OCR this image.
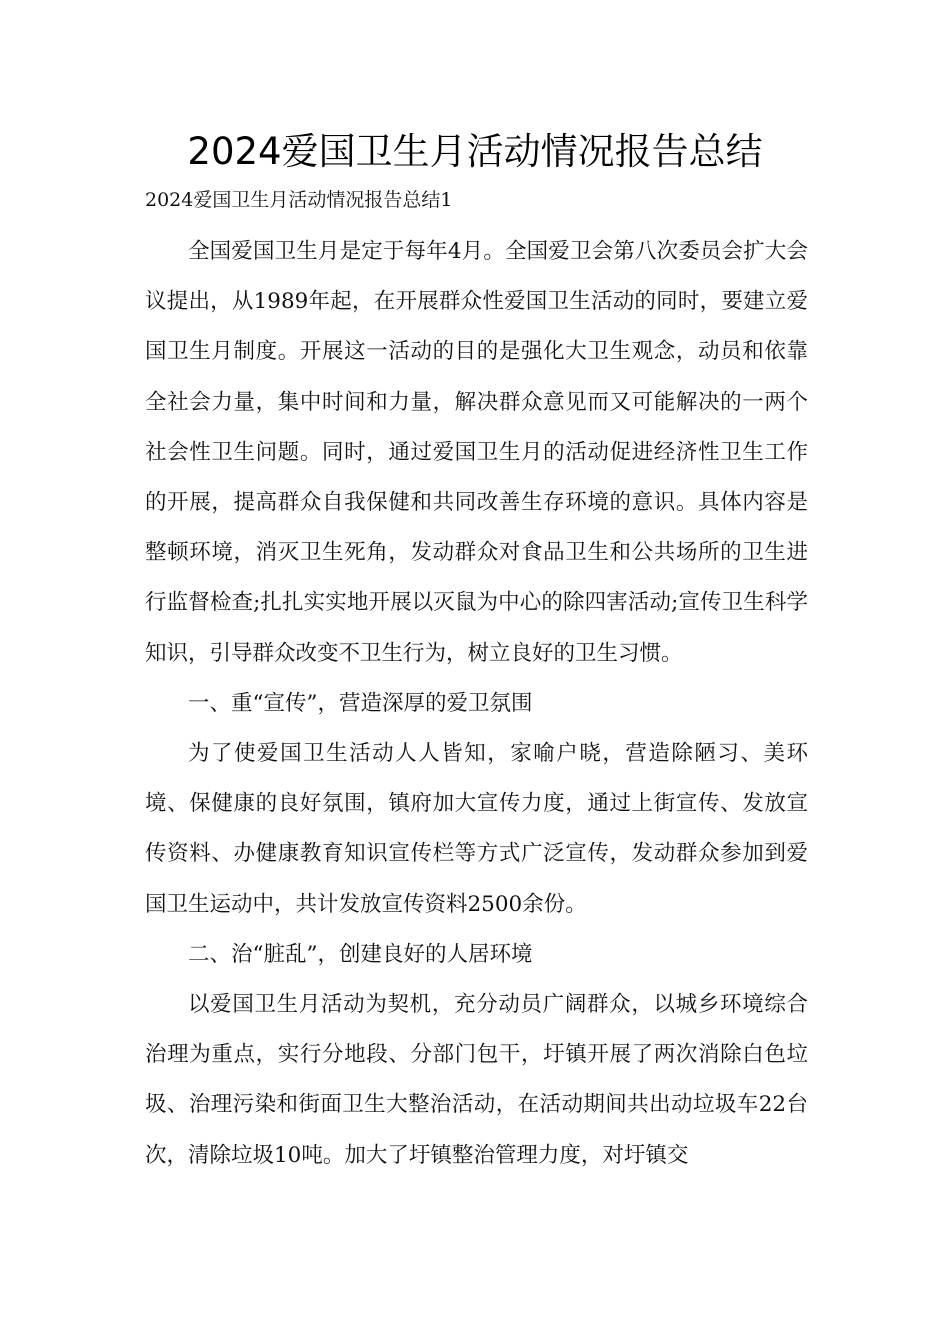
2024爱国卫生月活动情况报告总结
2024爱国卫生月活动情况报告总结1

全国爱国卫生月是定于每年4月。全国爱卫会第八次委员会扩大会议提出，从1989年起，在开展群众性爱国卫生活动的同时，要建立爱国卫生月制度。开展这一活动的目的是强化大卫生观念，动员和依靠全社会力量，集中时间和力量，解决群众意见而又可能解决的一两个社会性卫生问题。同时，通过爱国卫生月的活动促进经济性卫生工作的开展，提高群众自我保健和共同改善生存环境的意识。具体内容是整顿环境，消灭卫生死角，发动群众对食品卫生和公共场所的卫生进行监督检查;扎扎实实地开展以灭鼠为中心的除四害活动;宣传卫生科学知识，引导群众改变不卫生行为，树立良好的卫生习惯。

一、重“宣传”，营造深厚的爱卫氛围

为了使爱国卫生活动人人皆知，家喻户晓，营造除陋习、美环境、保健康的良好氛围，镇府加大宣传力度，通过上街宣传、发放宣传资料、办健康教育知识宣传栏等方式广泛宣传，发动群众参加到爱国卫生运动中，共计发放宣传资料2500余份。

二、治“脏乱”，创建良好的人居环境

以爱国卫生月活动为契机，充分动员广阔群众，以城乡环境综合治理为重点，实行分地段、分部门包干，圩镇开展了两次消除白色垃圾、治理污染和街面卫生大整治活动，在活动期间共出动垃圾车22台次，清除垃圾10吨。加大了圩镇整治管理力度，对圩镇交
